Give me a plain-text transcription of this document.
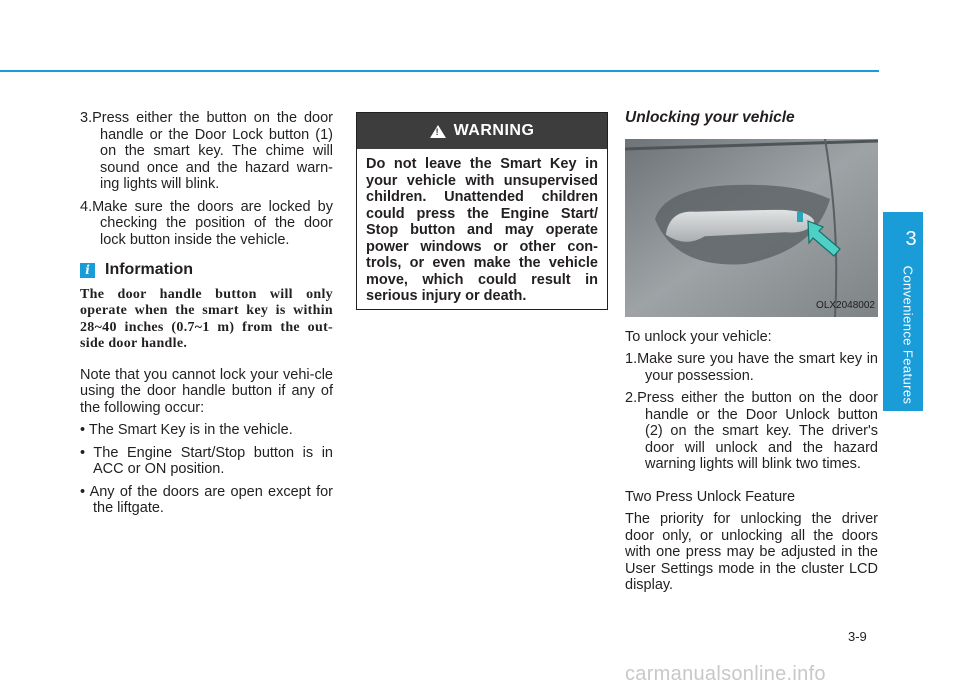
3
Convenience Features

3.Press either the button on the door handle or the Door Lock button (1) on the smart key. The chime will sound once and the hazard warn-ing lights will blink.

4.Make sure the doors are locked by checking the position of the door lock button inside the vehicle.

i Information

The door handle button will only operate when the smart key is within 28~40 inches (0.7~1 m) from the out-side door handle.

Note that you cannot lock your vehi-cle using the door handle button if any of the following occur:

• The Smart Key is in the vehicle.

• The Engine Start/Stop button is in ACC or ON position.

• Any of the doors are open except for the liftgate.

!
WARNING
Do not leave the Smart Key in your vehicle with unsupervised children. Unattended children could press the Engine Start/ Stop button and may operate power windows or other con-trols, or even make the vehicle move, which could result in serious injury or death.
Unlocking your vehicle
OLX2048002

To unlock your vehicle:

1.Make sure you have the smart key in your possession.

2.Press either the button on the door handle or the Door Unlock button (2) on the smart key. The driver's door will unlock and the hazard warning lights will blink two times.

Two Press Unlock Feature

The priority for unlocking the driver door only, or unlocking all the doors with one press may be adjusted in the User Settings mode in the cluster LCD display.

3-9
carmanualsonline.info
